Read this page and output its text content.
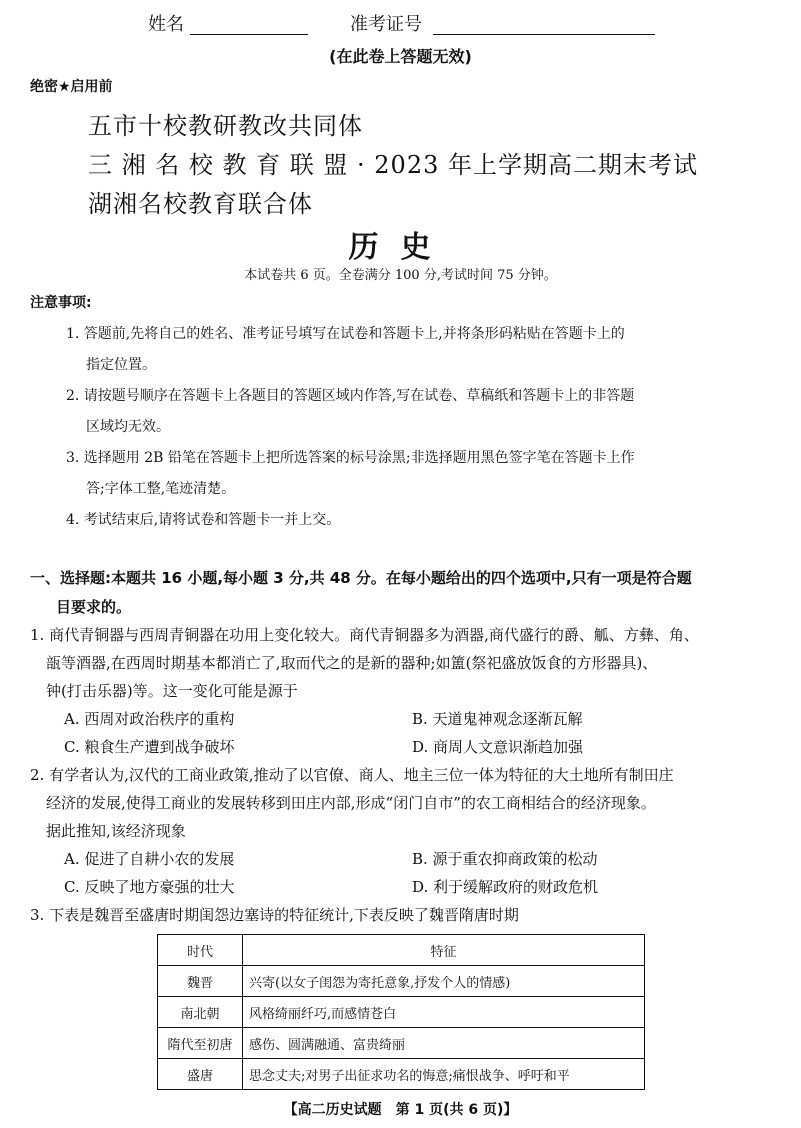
姓名	准考证号
(在此卷上答题无效)
绝密★启用前
五市十校教研教改共同体
三 湘 名 校 教 育 联 盟 · 2023 年上学期高二期末考试
湖湘名校教育联合体
历史
本试卷共 6 页。全卷满分 100 分,考试时间 75 分钟。
注意事项:
1. 答题前,先将自己的姓名、准考证号填写在试卷和答题卡上,并将条形码粘贴在答题卡上的
指定位置。
2. 请按题号顺序在答题卡上各题目的答题区域内作答,写在试卷、草稿纸和答题卡上的非答题
区域均无效。
3. 选择题用 2B 铅笔在答题卡上把所选答案的标号涂黑;非选择题用黑色签字笔在答题卡上作
答;字体工整,笔迹清楚。
4. 考试结束后,请将试卷和答题卡一并上交。
一、选择题:本题共 16 小题,每小题 3 分,共 48 分。在每小题给出的四个选项中,只有一项是符合题
目要求的。
1. 商代青铜器与西周青铜器在功用上变化较大。商代青铜器多为酒器,商代盛行的爵、觚、方彝、角、
瓿等酒器,在西周时期基本都消亡了,取而代之的是新的器种;如簠(祭祀盛放饭食的方形器具)、
钟(打击乐器)等。这一变化可能是源于
A. 西周对政治秩序的重构	B. 天道鬼神观念逐渐瓦解
C. 粮食生产遭到战争破坏	D. 商周人文意识渐趋加强
2. 有学者认为,汉代的工商业政策,推动了以官僚、商人、地主三位一体为特征的大土地所有制田庄
经济的发展,使得工商业的发展转移到田庄内部,形成“闭门自市”的农工商相结合的经济现象。
据此推知,该经济现象
A. 促进了自耕小农的发展	B. 源于重农抑商政策的松动
C. 反映了地方豪强的壮大	D. 利于缓解政府的财政危机
3. 下表是魏晋至盛唐时期闺怨边塞诗的特征统计,下表反映了魏晋隋唐时期
时代	特征
魏晋	兴寄(以女子闺怨为寄托意象,抒发个人的情感)
南北朝	风格绮丽纤巧,而感情苍白
隋代至初唐	感伤、圆满融通、富贵绮丽
盛唐	思念丈夫;对男子出征求功名的悔意;痛恨战争、呼吁和平
【高二历史试题　第 1 页(共 6 页)】
